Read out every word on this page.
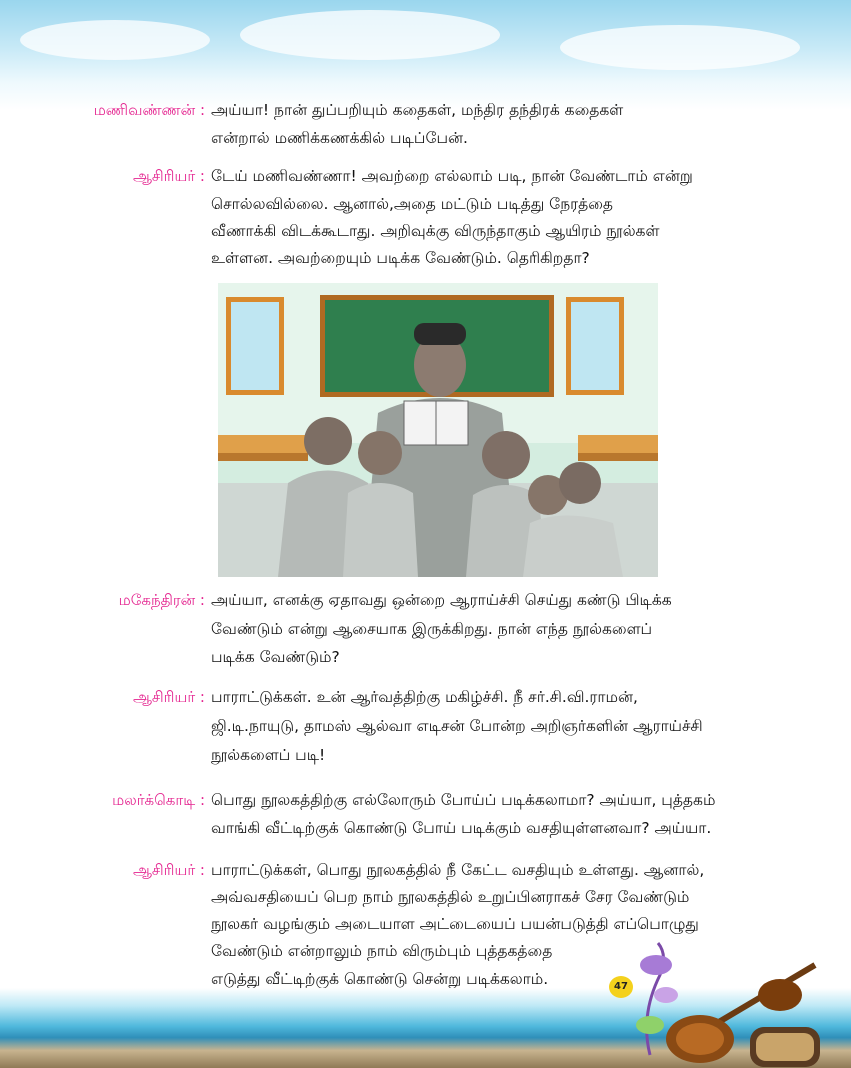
மணிவண்ணன் : அய்யா! நான் துப்பறியும் கதைகள், மந்திர தந்திரக் கதைகள்
என்றால் மணிக்கணக்கில் படிப்பேன்.
ஆசிரியர் : டேய் மணிவண்ணா! அவற்றை எல்லாம் படி, நான் வேண்டாம் என்று
சொல்லவில்லை. ஆனால்,அதை மட்டும் படித்து நேரத்தை
வீணாக்கி விடக்கூடாது. அறிவுக்கு விருந்தாகும் ஆயிரம் நூல்கள்
உள்ளன. அவற்றையும் படிக்க வேண்டும். தெரிகிறதா?
மகேந்திரன் : அய்யா, எனக்கு ஏதாவது ஒன்றை ஆராய்ச்சி செய்து கண்டு பிடிக்க
வேண்டும் என்று ஆசையாக இருக்கிறது. நான் எந்த நூல்களைப்
படிக்க வேண்டும்?
ஆசிரியர் : பாராட்டுக்கள். உன் ஆர்வத்திற்கு மகிழ்ச்சி. நீ சர்.சி.வி.ராமன்,
ஜி.டி.நாயுடு, தாமஸ் ஆல்வா எடிசன் போன்ற அறிஞர்களின் ஆராய்ச்சி
நூல்களைப் படி!
மலர்க்கொடி : பொது நூலகத்திற்கு எல்லோரும் போய்ப் படிக்கலாமா? அய்யா, புத்தகம்
வாங்கி வீட்டிற்குக் கொண்டு போய் படிக்கும் வசதியுள்ளனவா? அய்யா.
ஆசிரியர் : பாராட்டுக்கள், பொது நூலகத்தில் நீ கேட்ட வசதியும் உள்ளது. ஆனால்,
அவ்வசதியைப் பெற நாம் நூலகத்தில் உறுப்பினராகச் சேர வேண்டும்
நூலகர் வழங்கும் அடையாள அட்டையைப் பயன்படுத்தி எப்பொழுது
வேண்டும் என்றாலும் நாம் விரும்பும் புத்தகத்தை
எடுத்து வீட்டிற்குக் கொண்டு சென்று படிக்கலாம்.	47
